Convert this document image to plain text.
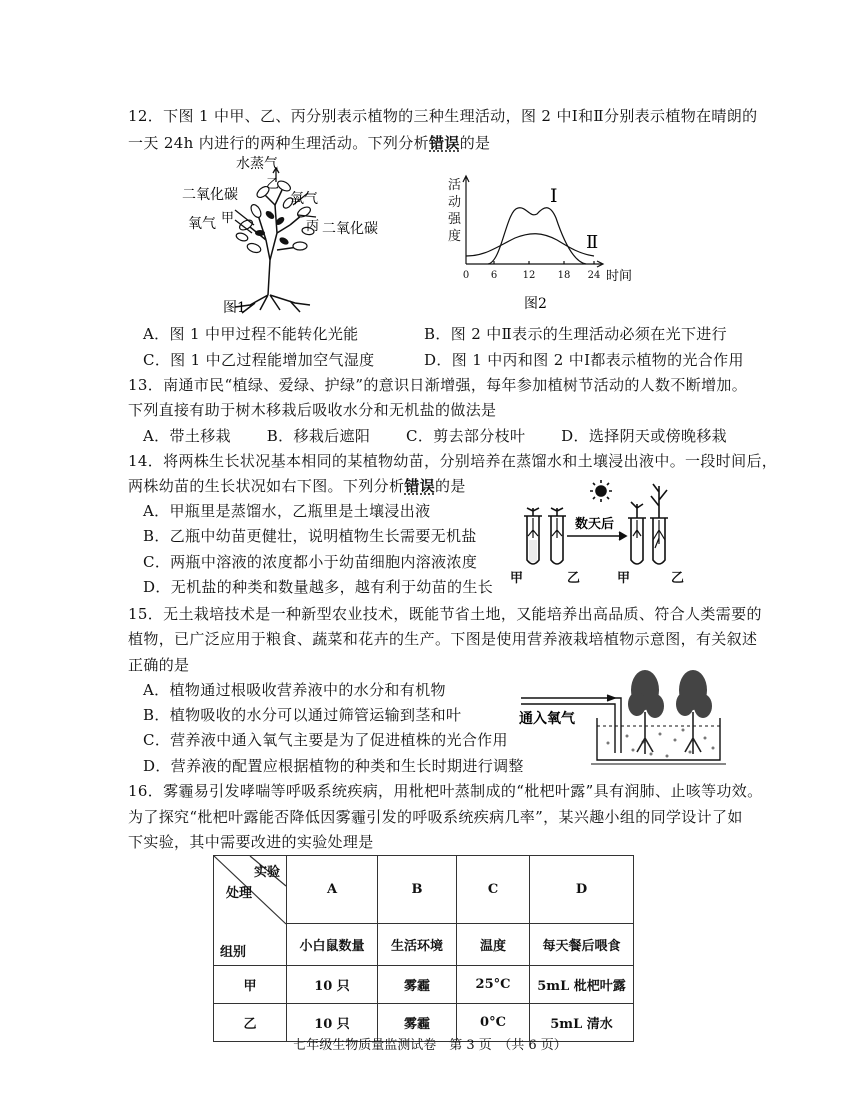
12．下图 1 中甲、乙、丙分别表示植物的三种生理活动，图 2 中Ⅰ和Ⅱ分别表示植物在晴朗的
一天 24h 内进行的两种生理活动。下列分析错误的是
水蒸气
乙
二氧化碳	氧气
氧气 甲
丙 二氧化碳
图1
活
动
强
度
Ⅰ
Ⅱ
0 6	12 18 24 时间
图2
A．图 1 中甲过程不能转化光能	B．图 2 中Ⅱ表示的生理活动必须在光下进行
C．图 1 中乙过程能增加空气湿度	D．图 1 中丙和图 2 中Ⅰ都表示植物的光合作用
13．南通市民“植绿、爱绿、护绿”的意识日渐增强，每年参加植树节活动的人数不断增加。
下列直接有助于树木移栽后吸收水分和无机盐的做法是
A．带土移栽　　 B．移栽后遮阳　　 C．剪去部分枝叶　　 D．选择阴天或傍晚移栽
14．将两株生长状况基本相同的某植物幼苗，分别培养在蒸馏水和土壤浸出液中。一段时间后，
两株幼苗的生长状况如右下图。下列分析错误的是
A．甲瓶里是蒸馏水，乙瓶里是土壤浸出液
B．乙瓶中幼苗更健壮，说明植物生长需要无机盐
C．两瓶中溶液的浓度都小于幼苗细胞内溶液浓度
D．无机盐的种类和数量越多，越有利于幼苗的生长
数天后
甲	乙	甲	乙
15．无土栽培技术是一种新型农业技术，既能节省土地，又能培养出高品质、符合人类需要的
植物，已广泛应用于粮食、蔬菜和花卉的生产。下图是使用营养液栽培植物示意图，有关叙述
正确的是
A．植物通过根吸收营养液中的水分和有机物
B．植物吸收的水分可以通过筛管运输到茎和叶
C．营养液中通入氧气主要是为了促进植株的光合作用
D．营养液的配置应根据植物的种类和生长时期进行调整
通入氧气
16．雾霾易引发哮喘等呼吸系统疾病，用枇杷叶蒸制成的“枇杷叶露”具有润肺、止咳等功效。
为了探究“枇杷叶露能否降低因雾霾引发的呼吸系统疾病几率”，某兴趣小组的同学设计了如
下实验，其中需要改进的实验处理是
实验
处理
组别	A	B	C	D
	小白鼠数量	生活环境	温度	每天餐后喂食
甲	10 只	雾霾	25°C	5mL 枇杷叶露
乙	10 只	雾霾	0°C	5mL 清水
七年级生物质量监测试卷　第 3 页　（共 6 页）
